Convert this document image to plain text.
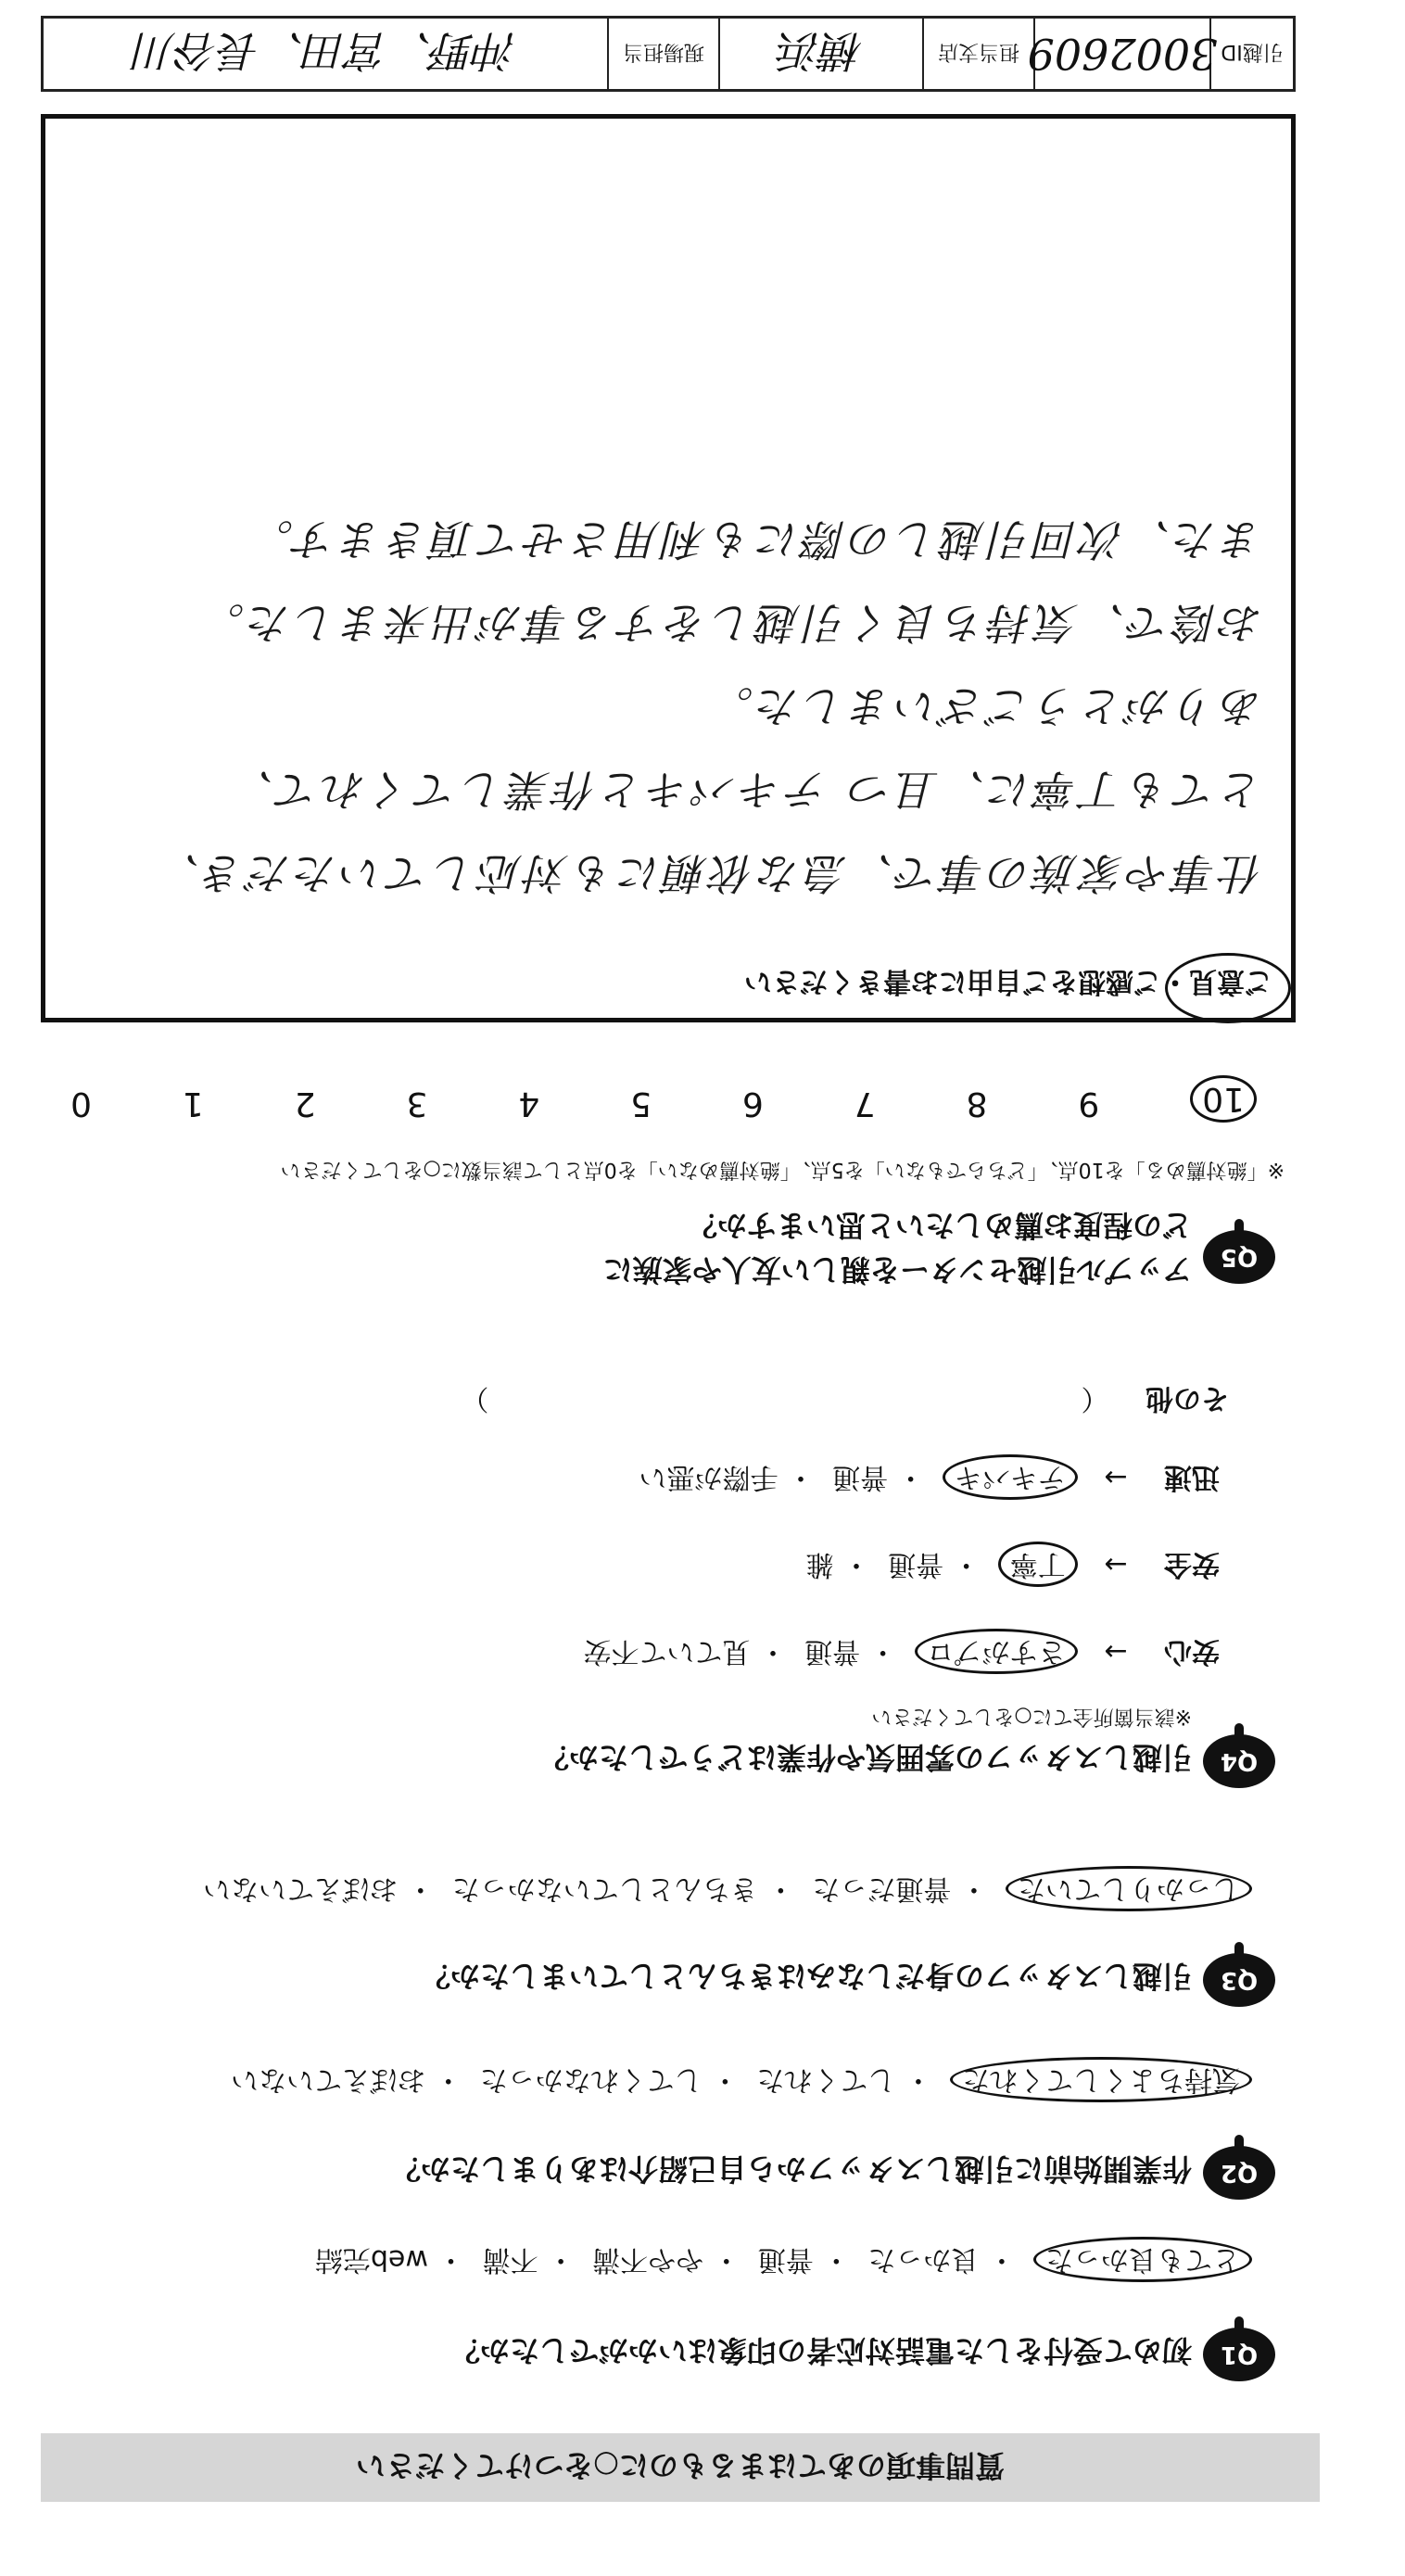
引越ID
3002609
担当支店
横浜
現場担当
沖野、宮田、長谷川
ご意見・ご感想をご自由にお書きください
仕事や家族の事で、急な依頼にも対応していただき、
とても丁寧に、且つ テキパキと作業してくれて、
ありがとうございました。
お陰で、気持ち良く引越しをする事が出来ました。
また、次回引越しの際にも利用させて頂きます。
10
9
8
7
6
5
4
3
2
1
0
※「絶対薦める」を10点、「どちらでもない」を5点、「絶対薦めない」を0点として該当数に○をしてください
どの程度お薦めしたいと思いますか？
アップル引越センターを親しい友人や家族に	Q5
その他 （  ）
迅速 →   テキパキ  ・ 普通  ・ 手際が悪い
安全 →   丁寧  ・ 普通  ・ 雑
安心 →   さすがプロ  ・ 普通  ・ 見ていて不安
※該当箇所全てに○をしてください
引越しスタッフの雰囲気や作業はどうでしたか？	Q4
しっかりしていた  ・ 普通だった  ・ きちんとしていなかった  ・ おぼえていない
引越しスタッフの身だしなみはきちんとしていましたか？	Q3
気持ちよくしてくれた  ・ してくれた  ・ してくれなかった  ・ おぼえていない
作業開始前に引越しスタッフから自己紹介はありましたか？	Q2
とても良かった  ・ 良かった  ・ 普通  ・ やや不満  ・ 不満  ・ web完結
初めて受付をした電話対応者の印象はいかがでしたか？	Q1
質問事項のあてはまるものに○をつけてください
